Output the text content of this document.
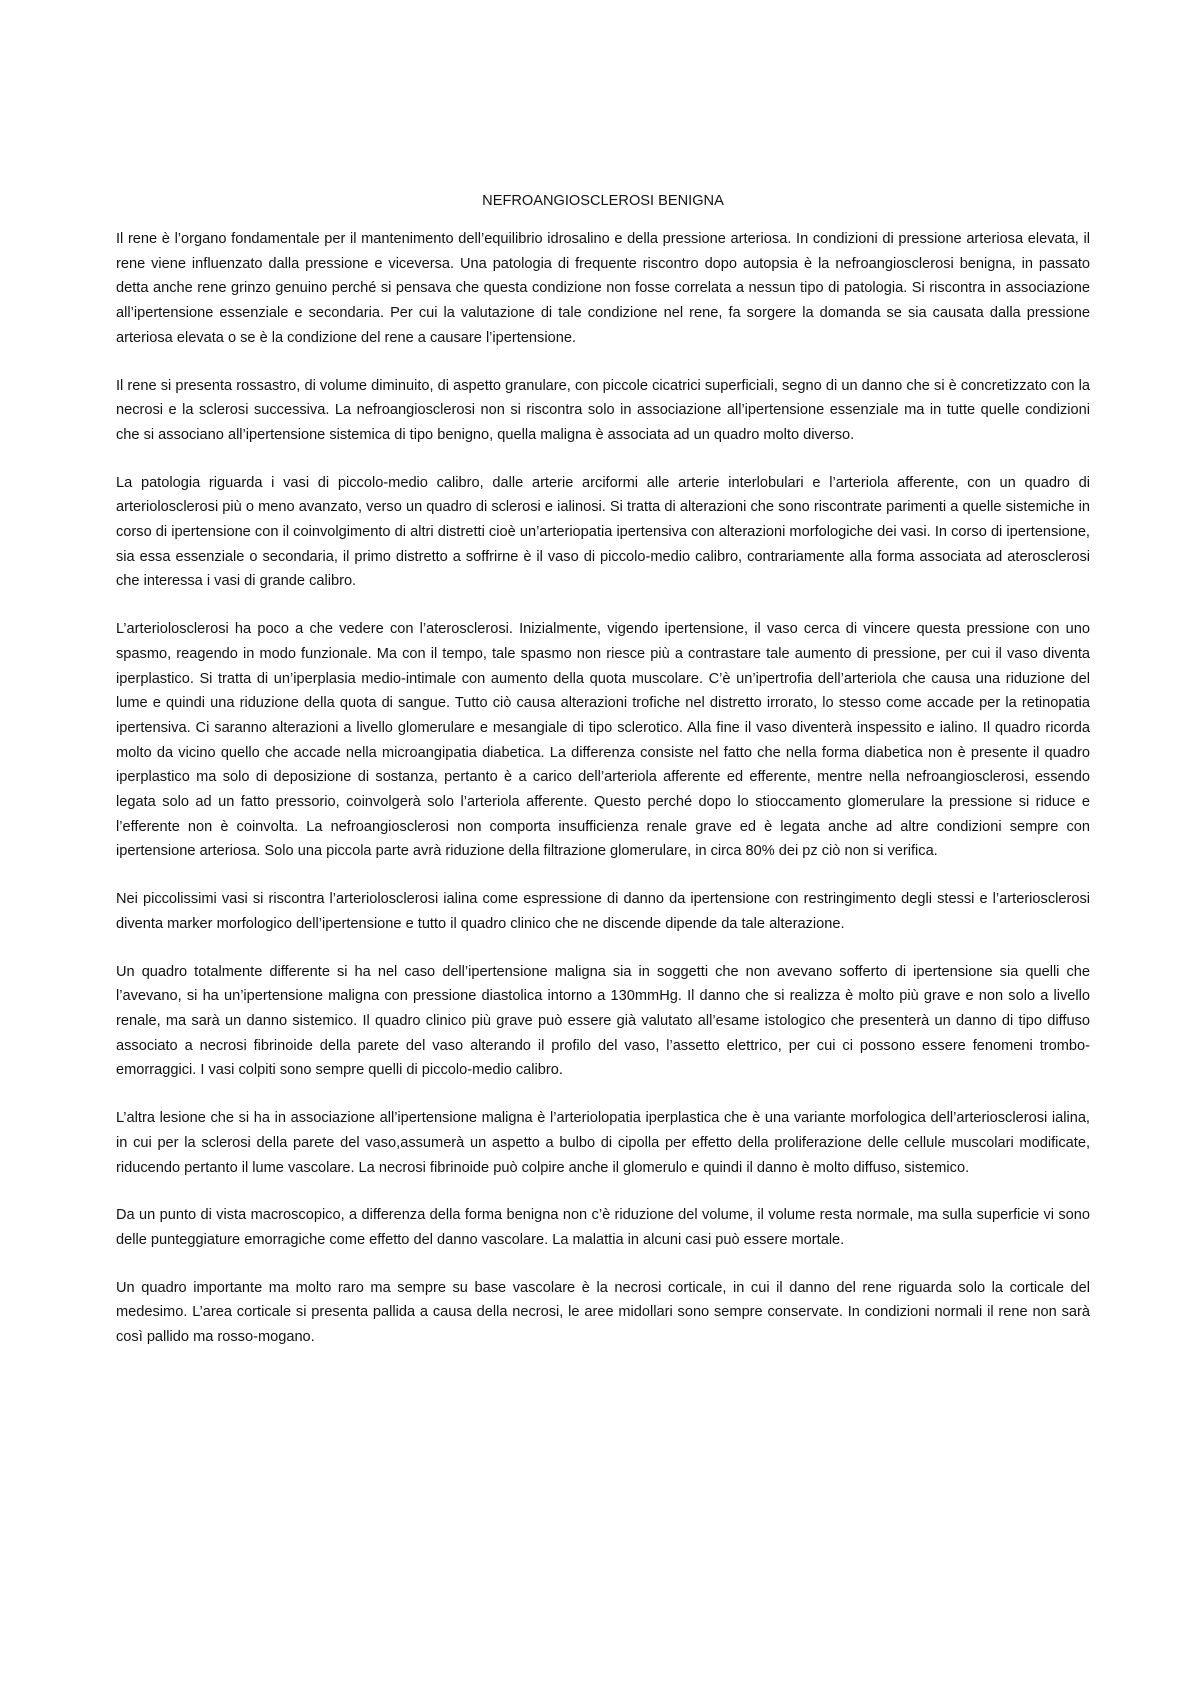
NEFROANGIOSCLEROSI BENIGNA

Il rene è l’organo fondamentale per il mantenimento dell’equilibrio idrosalino e della pressione arteriosa. In condizioni di pressione arteriosa elevata, il rene viene influenzato dalla pressione e viceversa. Una patologia di frequente riscontro dopo autopsia è la nefroangiosclerosi benigna, in passato detta anche rene grinzo genuino perché si pensava che questa condizione non fosse correlata a nessun tipo di patologia. Si riscontra in associazione all’ipertensione essenziale e secondaria. Per cui la valutazione di tale condizione nel rene, fa sorgere la domanda se sia causata dalla pressione arteriosa elevata o se è la condizione del rene a causare l’ipertensione.

Il rene si presenta rossastro, di volume diminuito, di aspetto granulare, con piccole cicatrici superficiali, segno di un danno che si è concretizzato con la necrosi e la sclerosi successiva. La nefroangiosclerosi non si riscontra solo in associazione all’ipertensione essenziale ma in tutte quelle condizioni che si associano all’ipertensione sistemica di tipo benigno, quella maligna è associata ad un quadro molto diverso.

La patologia riguarda i vasi di piccolo-medio calibro, dalle arterie arciformi alle arterie interlobulari e l’arteriola afferente, con un quadro di arteriolosclerosi più o meno avanzato, verso un quadro di sclerosi e ialinosi. Si tratta di alterazioni che sono riscontrate parimenti a quelle sistemiche in corso di ipertensione con il coinvolgimento di altri distretti cioè un’arteriopatia ipertensiva con alterazioni morfologiche dei vasi. In corso di ipertensione, sia essa essenziale o secondaria, il primo distretto a soffrirne è il vaso di piccolo-medio calibro, contrariamente alla forma associata ad aterosclerosi che interessa i vasi di grande calibro.

L’arteriolosclerosi ha poco a che vedere con l’aterosclerosi. Inizialmente, vigendo ipertensione, il vaso cerca di vincere questa pressione con uno spasmo, reagendo in modo funzionale. Ma con il tempo, tale spasmo non riesce più a contrastare tale aumento di pressione, per cui il vaso diventa iperplastico. Si tratta di un’iperplasia medio-intimale con aumento della quota muscolare. C’è un’ipertrofia dell’arteriola che causa una riduzione del lume e quindi una riduzione della quota di sangue. Tutto ciò causa alterazioni trofiche nel distretto irrorato, lo stesso come accade per la retinopatia ipertensiva. Ci saranno alterazioni a livello glomerulare e mesangiale di tipo sclerotico. Alla fine il vaso diventerà inspessito e ialino. Il quadro ricorda molto da vicino quello che accade nella microangipatia diabetica. La differenza consiste nel fatto che nella forma diabetica non è presente il quadro iperplastico ma solo di deposizione di sostanza, pertanto è a carico dell’arteriola afferente ed efferente, mentre nella nefroangiosclerosi, essendo legata solo ad un fatto pressorio, coinvolgerà solo l’arteriola afferente. Questo perché dopo lo stioccamento glomerulare la pressione si riduce e l’efferente non è coinvolta. La nefroangiosclerosi non comporta insufficienza renale grave ed è legata anche ad altre condizioni sempre con ipertensione arteriosa. Solo una piccola parte avrà riduzione della filtrazione glomerulare, in circa 80% dei pz ciò non si verifica.

Nei piccolissimi vasi si riscontra l’arteriolosclerosi ialina come espressione di danno da ipertensione con restringimento degli stessi e l’arteriosclerosi diventa marker morfologico dell’ipertensione e tutto il quadro clinico che ne discende dipende da tale alterazione.

Un quadro totalmente differente si ha nel caso dell’ipertensione maligna sia in soggetti che non avevano sofferto di ipertensione sia quelli che l’avevano, si ha un’ipertensione maligna con pressione diastolica intorno a 130mmHg. Il danno che si realizza è molto più grave e non solo a livello renale, ma sarà un danno sistemico. Il quadro clinico più grave può essere già valutato all’esame istologico che presenterà un danno di tipo diffuso associato a necrosi fibrinoide della parete del vaso alterando il profilo del vaso, l’assetto elettrico, per cui ci possono essere fenomeni trombo-emorraggici. I vasi colpiti sono sempre quelli di piccolo-medio calibro.

L’altra lesione che si ha in associazione all’ipertensione maligna è l’arteriolopatia iperplastica che è una variante morfologica dell’arteriosclerosi ialina, in cui per la sclerosi della parete del vaso,assumerà un aspetto a bulbo di cipolla per effetto della proliferazione delle cellule muscolari modificate, riducendo pertanto il lume vascolare. La necrosi fibrinoide può colpire anche il glomerulo e quindi il danno è molto diffuso, sistemico.

Da un punto di vista macroscopico, a differenza della forma benigna non c’è riduzione del volume, il volume resta normale, ma sulla superficie vi sono delle punteggiature emorragiche come effetto del danno vascolare. La malattia in alcuni casi può essere mortale.

Un quadro importante ma molto raro ma sempre su base vascolare è la necrosi corticale, in cui il danno del rene riguarda solo la corticale del medesimo. L’area corticale si presenta pallida a causa della necrosi, le aree midollari sono sempre conservate. In condizioni normali il rene non sarà così pallido ma rosso-mogano.
